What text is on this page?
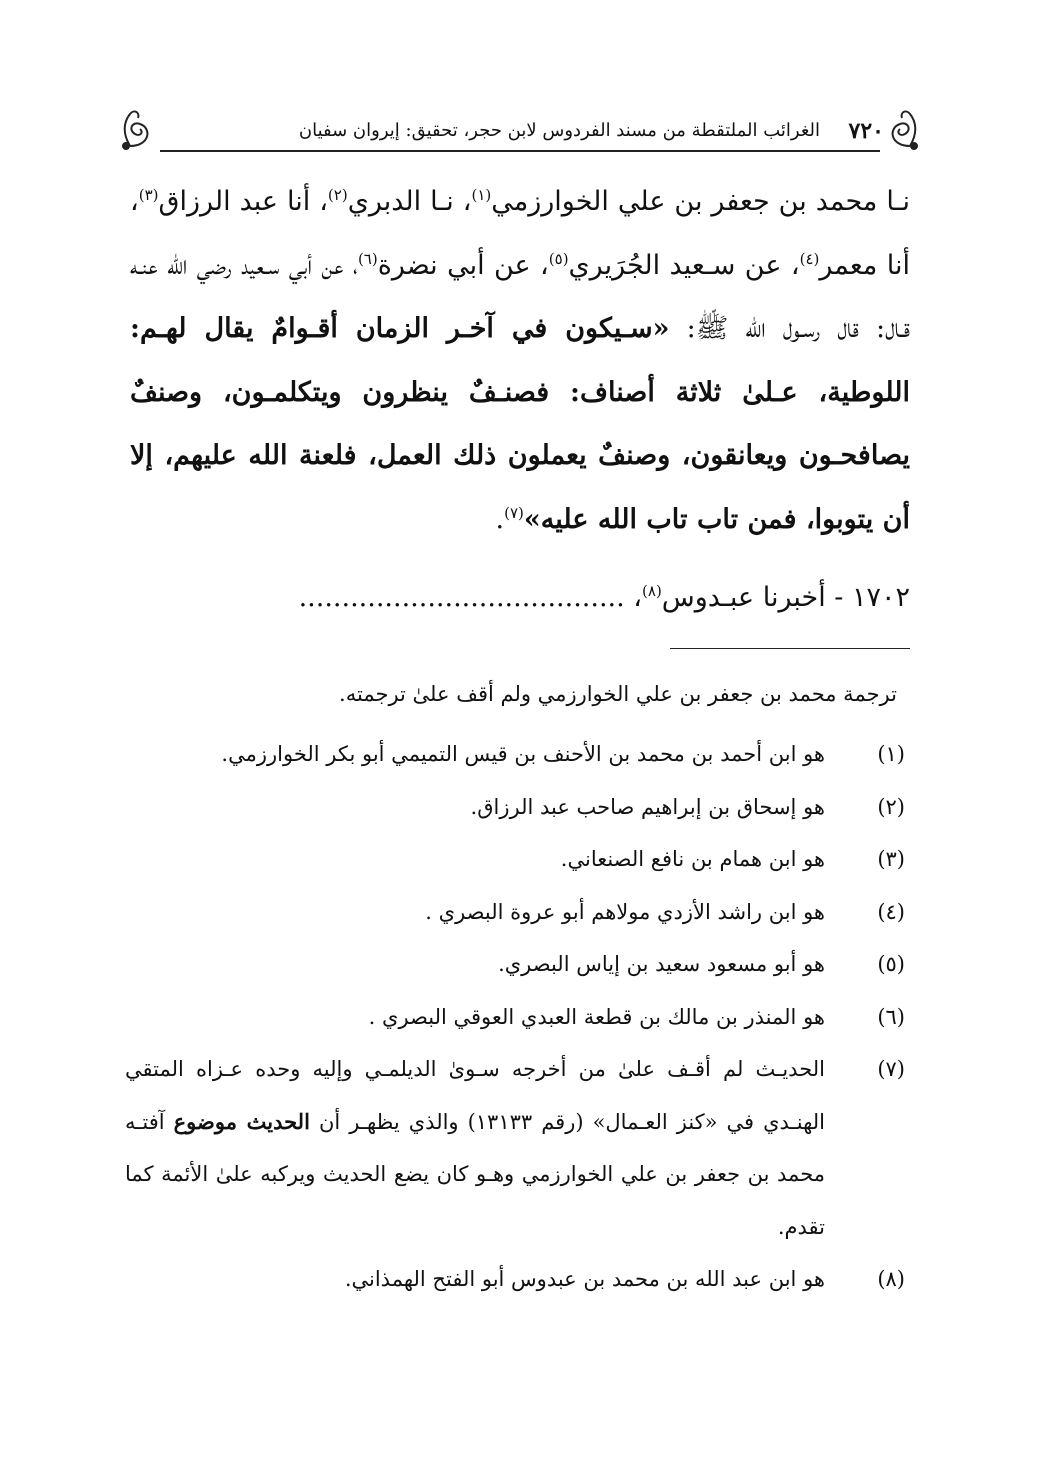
٧٢٠
الغرائب الملتقطة من مسند الفردوس لابن حجر، تحقيق: إيروان سفيان

نـا محمد بن جعفر بن علي الخوارزمي$^{(١)}$، نـا الدبري$^{(٢)}$، أنا عبد الرزاق$^{(٣)}$، أنا معمر$^{(٤)}$، عن سـعيد الجُرَيري$^{(٥)}$، عن أبي نضرة$^{(٦)}$، عن أبي سـعيد رضي الله عنـه قـال: قال رسـول الله ﷺ: «سـيكون في آخـر الزمان أقـوامٌ يقال لهـم: اللوطية، عـلىٰ ثلاثة أصناف: فصنـفٌ ينظرون ويتكلمـون، وصنفٌ يصافحـون ويعانقون، وصنفٌ يعملون ذلك العمل، فلعنة الله عليهم، إلا أن يتوبوا، فمن تاب تاب الله عليه»$^{(٧)}$.

١٧٠٢ - أخبرنا عبـدوس$^{(٨)}$، ......................................

ترجمة محمد بن جعفر بن علي الخوارزمي ولم أقف علىٰ ترجمته.

(١)
هو ابن أحمد بن محمد بن الأحنف بن قيس التميمي أبو بكر الخوارزمي.

(٢)
هو إسحاق بن إبراهيم صاحب عبد الرزاق.

(٣)
هو ابن همام بن نافع الصنعاني.

(٤)
هو ابن راشد الأزدي مولاهم أبو عروة البصري .

(٥)
هو أبو مسعود سعيد بن إياس البصري.

(٦)
هو المنذر بن مالك بن قطعة العبدي العوقي البصري .

(٧)
الحديـث لم أقـف علىٰ من أخرجه سـوىٰ الديلمـي وإليه وحده عـزاه المتقي الهنـدي في «كنز العـمال» (رقم ١٣١٣٣) والذي يظهـر أن الحديث موضوع آفتـه محمد بن جعفر بن علي الخوارزمي وهـو كان يضع الحديث ويركبه علىٰ الأئمة كما تقدم.

(٨)
هو ابن عبد الله بن محمد بن عبدوس أبو الفتح الهمذاني.
